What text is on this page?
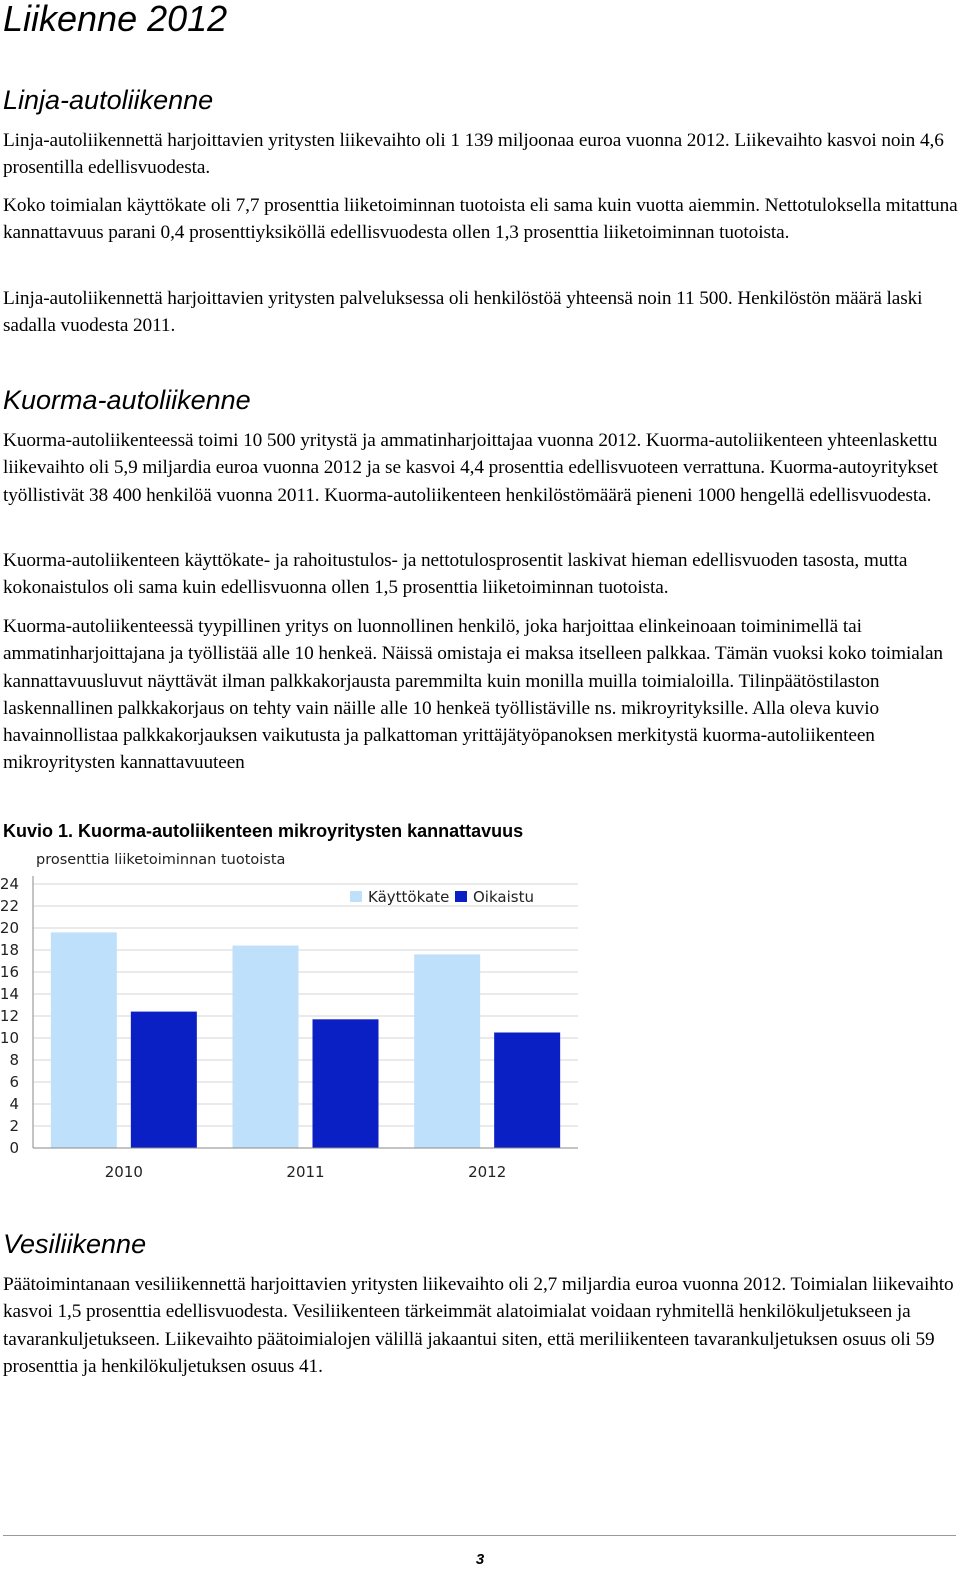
Liikenne 2012
Linja-autoliikenne

Linja-autoliikennettä harjoittavien yritysten liikevaihto oli 1 139 miljoonaa euroa vuonna 2012. Liikevaihto kasvoi noin 4,6 prosentilla edellisvuodesta.

Koko toimialan käyttökate oli 7,7 prosenttia liiketoiminnan tuotoista eli sama kuin vuotta aiemmin. Nettotuloksella mitattuna kannattavuus parani 0,4 prosenttiyksiköllä edellisvuodesta ollen 1,3 prosenttia liiketoiminnan tuotoista.

Linja-autoliikennettä harjoittavien yritysten palveluksessa oli henkilöstöä yhteensä noin 11 500. Henkilöstön määrä laski sadalla vuodesta 2011.

Kuorma-autoliikenne

Kuorma-autoliikenteessä toimi 10 500 yritystä ja ammatinharjoittajaa vuonna 2012. Kuorma-autoliikenteen yhteenlaskettu liikevaihto oli 5,9 miljardia euroa vuonna 2012 ja se kasvoi 4,4 prosenttia edellisvuoteen verrattuna. Kuorma-autoyritykset työllistivät 38 400 henkilöä vuonna 2011. Kuorma-autoliikenteen henkilöstömäärä pieneni 1000 hengellä edellisvuodesta.

Kuorma-autoliikenteen käyttökate- ja rahoitustulos- ja nettotulosprosentit laskivat hieman edellisvuoden tasosta, mutta kokonaistulos oli sama kuin edellisvuonna ollen 1,5 prosenttia liiketoiminnan tuotoista.

Kuorma-autoliikenteessä tyypillinen yritys on luonnollinen henkilö, joka harjoittaa elinkeinoaan toiminimellä tai ammatinharjoittajana ja työllistää alle 10 henkeä. Näissä omistaja ei maksa itselleen palkkaa. Tämän vuoksi koko toimialan kannattavuusluvut näyttävät ilman palkkakorjausta paremmilta kuin monilla muilla toimialoilla. Tilinpäätöstilaston laskennallinen palkkakorjaus on tehty vain näille alle 10 henkeä työllistäville ns. mikroyrityksille. Alla oleva kuvio havainnollistaa palkkakorjauksen vaikutusta ja palkattoman yrittäjätyöpanoksen merkitystä kuorma-autoliikenteen mikroyritysten kannattavuuteen

Kuvio 1. Kuorma-autoliikenteen mikroyritysten kannattavuus
0
2
4
6
8
10
12
14
16
18
20
22
24
2010	2011	2012
prosenttia liiketoiminnan tuotoista
Käyttökate Oikaistu
Vesiliikenne

Päätoimintanaan vesiliikennettä harjoittavien yritysten liikevaihto oli 2,7 miljardia euroa vuonna 2012. Toimialan liikevaihto kasvoi 1,5 prosenttia edellisvuodesta. Vesiliikenteen tärkeimmät alatoimialat voidaan ryhmitellä henkilökuljetukseen ja tavarankuljetukseen. Liikevaihto päätoimialojen välillä jakaantui siten, että meriliikenteen tavarankuljetuksen osuus oli 59 prosenttia ja henkilökuljetuksen osuus 41.

3
